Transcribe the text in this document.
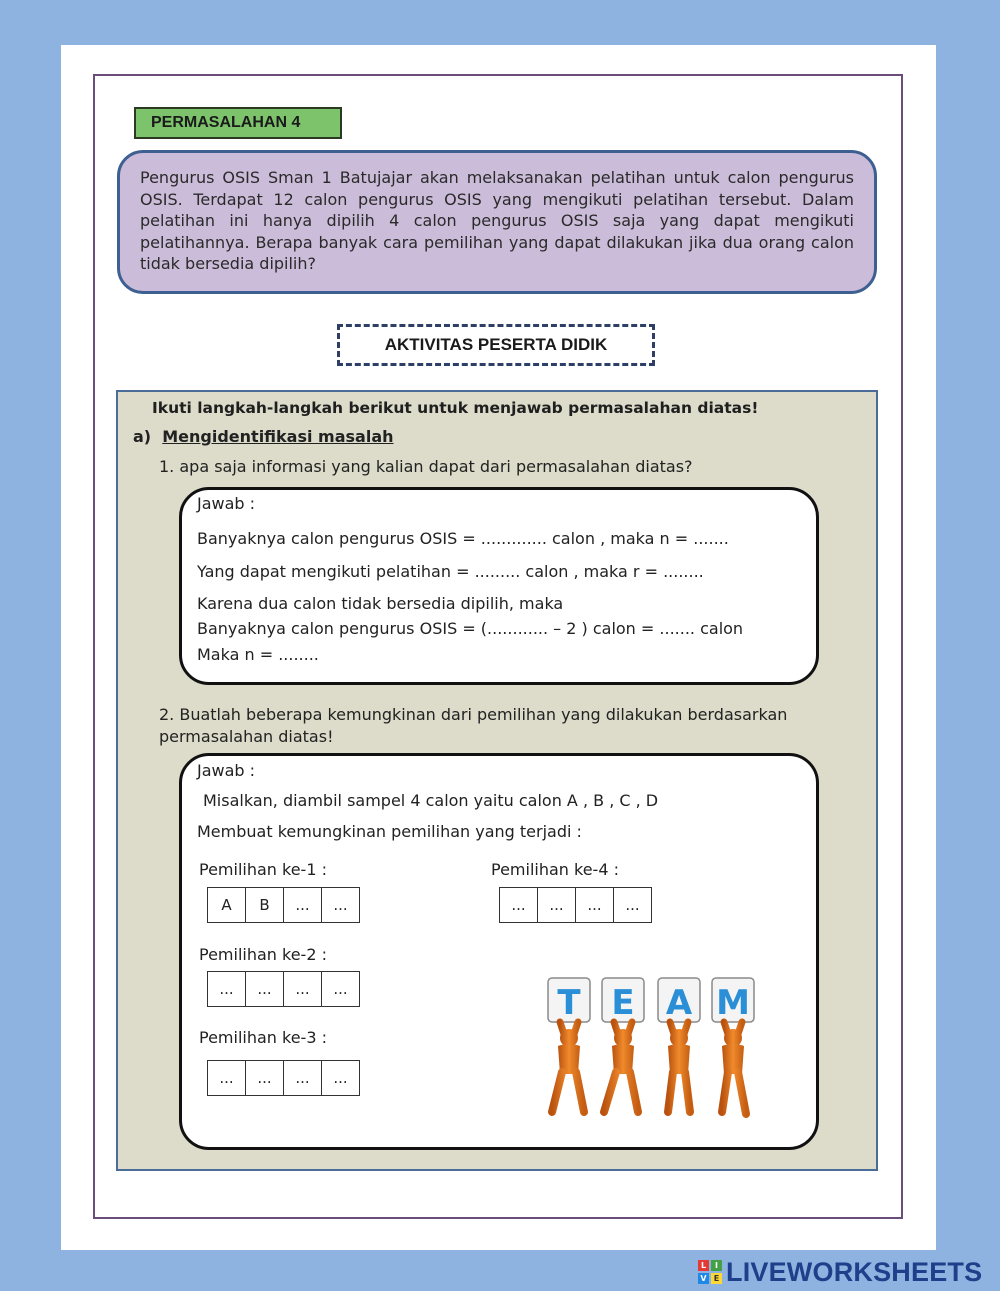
PERMASALAHAN 4
Pengurus OSIS Sman 1 Batujajar akan melaksanakan pelatihan untuk calon pengurus OSIS. Terdapat 12 calon pengurus OSIS yang mengikuti pelatihan tersebut. Dalam pelatihan ini hanya dipilih 4 calon pengurus OSIS saja yang dapat mengikuti pelatihannya. Berapa banyak cara pemilihan yang dapat dilakukan jika dua orang calon tidak bersedia dipilih?
AKTIVITAS PESERTA DIDIK
Ikuti langkah-langkah berikut untuk menjawab permasalahan diatas!
a) Mengidentifikasi masalah
1. apa saja informasi yang kalian dapat dari permasalahan diatas?
Jawab :
Banyaknya calon pengurus OSIS = ............. calon , maka n = .......
Yang dapat mengikuti pelatihan = ......... calon , maka r = ........
Karena dua calon tidak bersedia dipilih, maka
Banyaknya calon pengurus OSIS = (............ – 2 ) calon = ....... calon
Maka n = ........
2. Buatlah beberapa kemungkinan dari pemilihan yang dilakukan berdasarkan permasalahan diatas!
Jawab :
Misalkan, diambil sampel 4 calon yaitu calon A , B , C , D
Membuat kemungkinan pemilihan yang terjadi :
Pemilihan ke-1 :
A	B	...	...
Pemilihan ke-2 :
...	...	...	...
Pemilihan ke-3 :
...	...	...	...
Pemilihan ke-4 :
...	...	...	...
T E A M
L	I
V E LIVEWORKSHEETS
